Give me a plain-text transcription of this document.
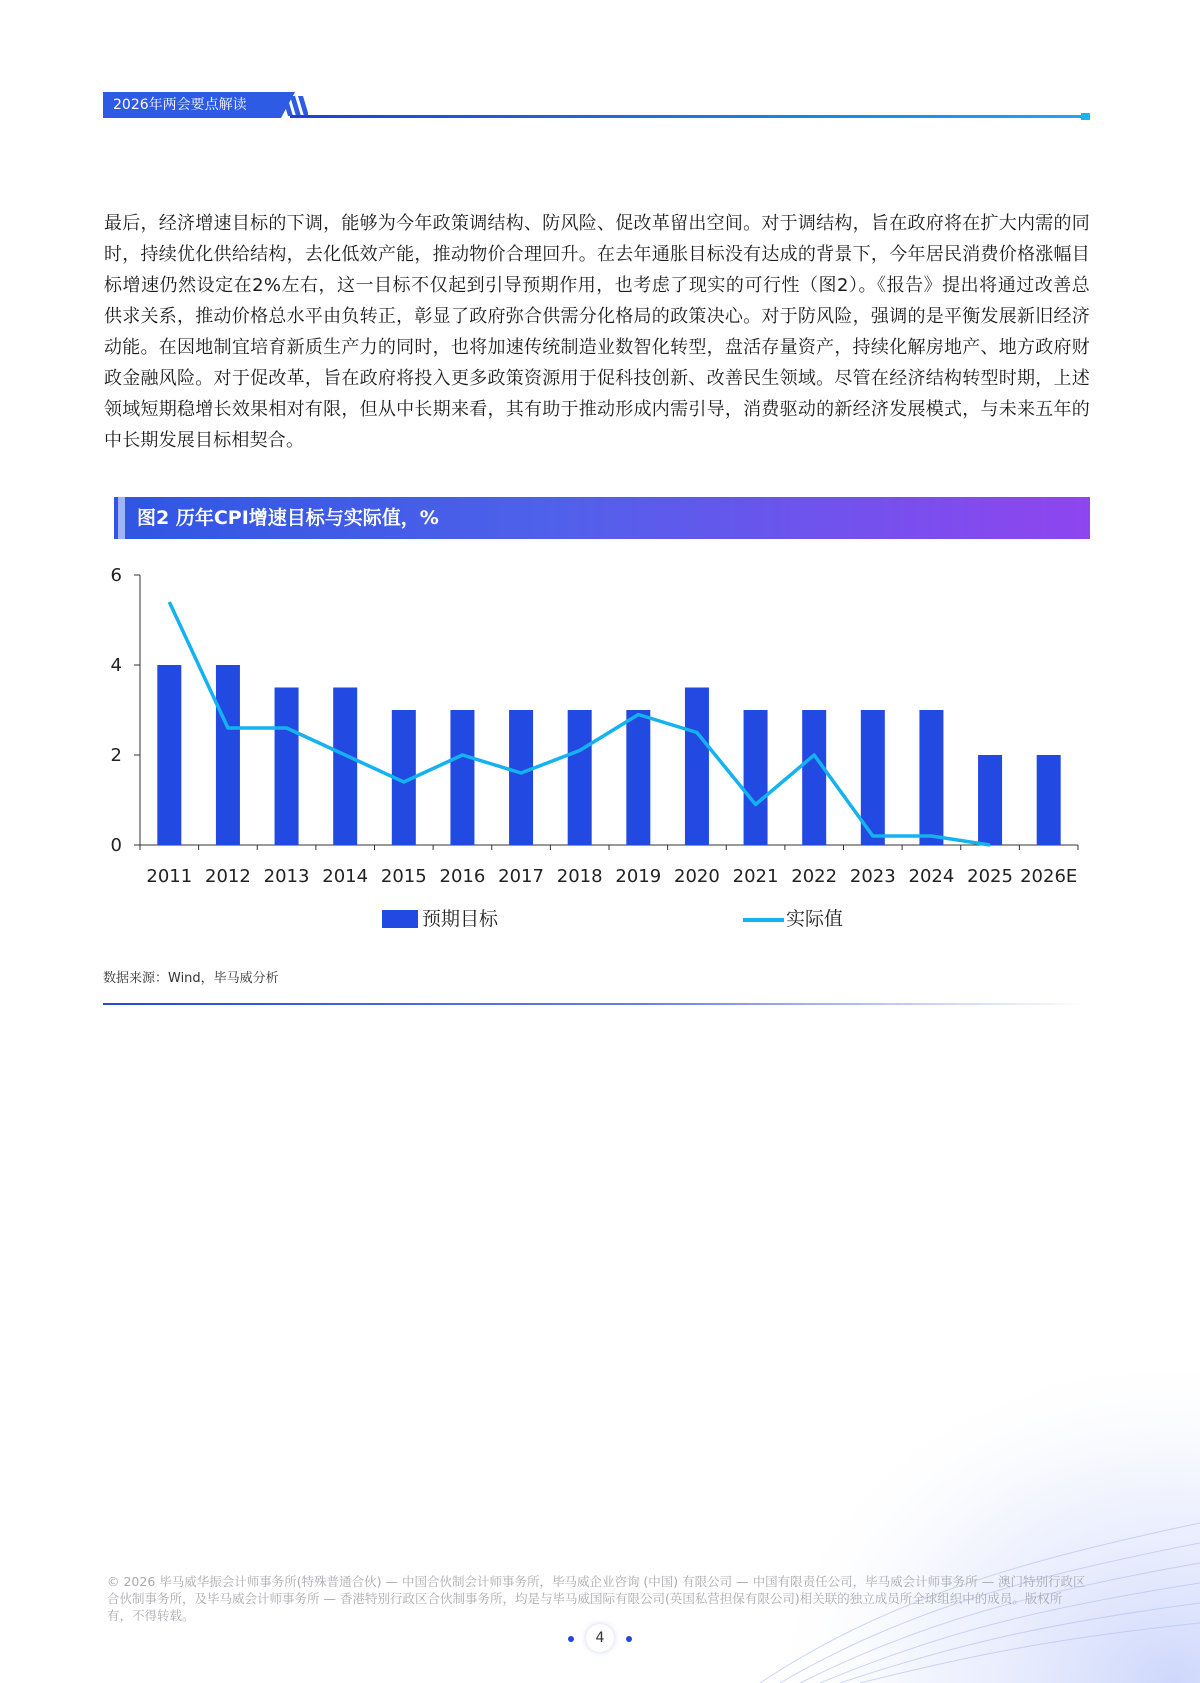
2026年两会要点解读
最后，经济增速目标的下调，能够为今年政策调结构、防风险、促改革留出空间。对于调结构，旨在政府将在扩大内需的同时，持续优化供给结构，去化低效产能，推动物价合理回升。在去年通胀目标没有达成的背景下，今年居民消费价格涨幅目标增速仍然设定在2%左右，这一目标不仅起到引导预期作用，也考虑了现实的可行性（图2）。《报告》提出将通过改善总供求关系，推动价格总水平由负转正，彰显了政府弥合供需分化格局的政策决心。对于防风险，强调的是平衡发展新旧经济动能。在因地制宜培育新质生产力的同时，也将加速传统制造业数智化转型，盘活存量资产，持续化解房地产、地方政府财政金融风险。对于促改革，旨在政府将投入更多政策资源用于促科技创新、改善民生领域。尽管在经济结构转型时期，上述领域短期稳增长效果相对有限，但从中长期来看，其有助于推动形成内需引导，消费驱动的新经济发展模式，与未来五年的中长期发展目标相契合。
图2 历年CPI增速目标与实际值，%
0
2
4
6
2011 2012 2013 2014 2015 2016 2017 2018 2019 2020 2021 2022 2023 2024 2025 2026E
预期目标	实际值
数据来源：Wind，毕马威分析
© 2026 毕马威华振会计师事务所(特殊普通合伙) — 中国合伙制会计师事务所，毕马威企业咨询 (中国) 有限公司 — 中国有限责任公司，毕马威会计师事务所 — 澳门特别行政区合伙制事务所，及毕马威会计师事务所 — 香港特别行政区合伙制事务所，均是与毕马威国际有限公司(英国私营担保有限公司)相关联的独立成员所全球组织中的成员。版权所有，不得转载。
4
